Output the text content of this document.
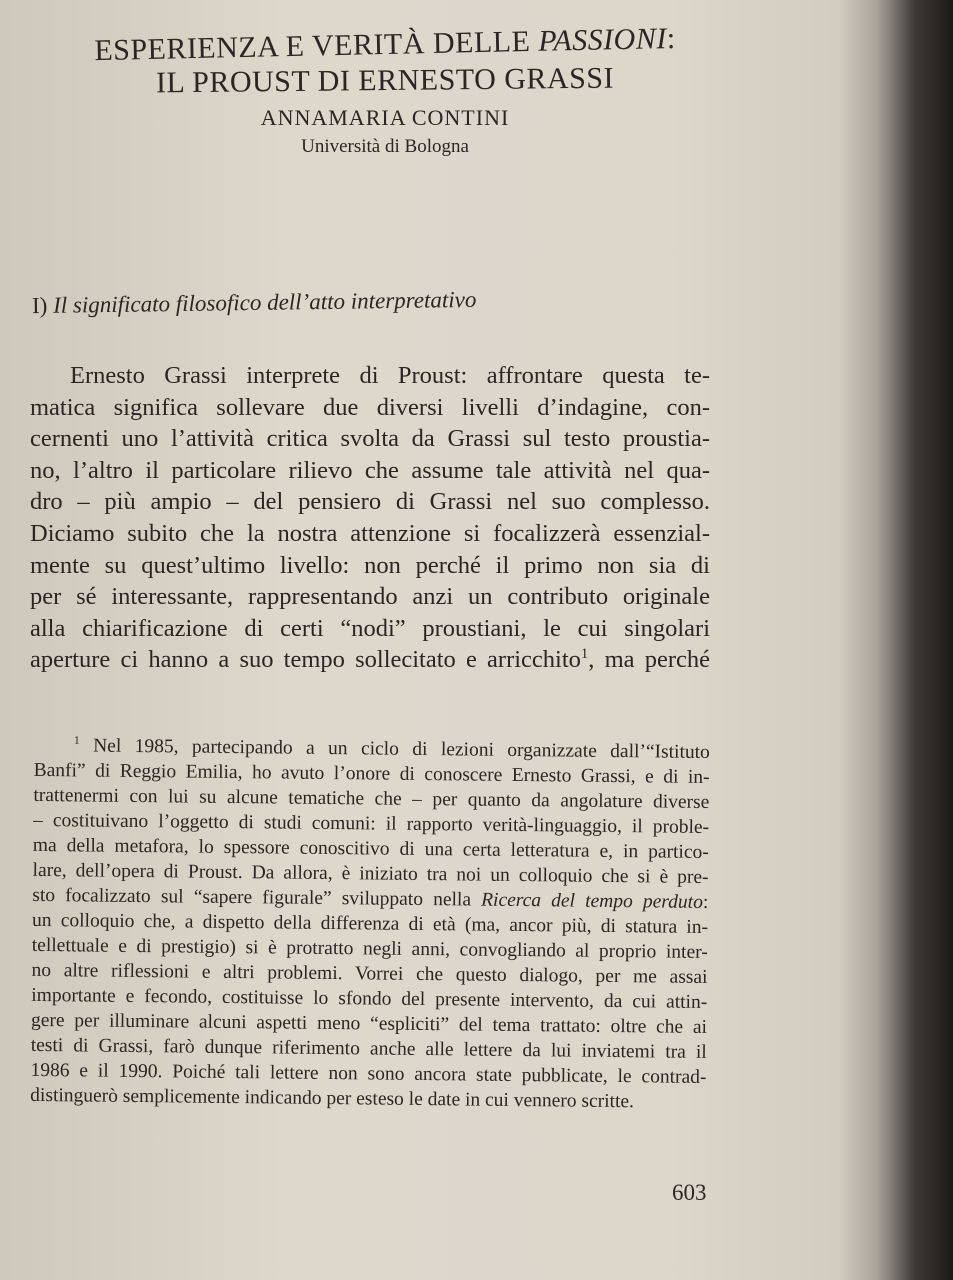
ESPERIENZA E VERITÀ DELLE PASSIONI:
IL PROUST DI ERNESTO GRASSI
ANNAMARIA CONTINI
Università di Bologna
I) Il significato filosofico dell’atto interpretativo
Ernesto Grassi interprete di Proust: affrontare questa te-
matica significa sollevare due diversi livelli d’indagine, con-
cernenti uno l’attività critica svolta da Grassi sul testo proustia-
no, l’altro il particolare rilievo che assume tale attività nel qua-
dro – più ampio – del pensiero di Grassi nel suo complesso.
Diciamo subito che la nostra attenzione si focalizzerà essenzial-
mente su quest’ultimo livello: non perché il primo non sia di
per sé interessante, rappresentando anzi un contributo originale
alla chiarificazione di certi “nodi” proustiani, le cui singolari
aperture ci hanno a suo tempo sollecitato e arricchito$^1$, ma perché
$^1$ Nel 1985, partecipando a un ciclo di lezioni organizzate dall’“Istituto
Banfi” di Reggio Emilia, ho avuto l’onore di conoscere Ernesto Grassi, e di in-
trattenermi con lui su alcune tematiche che – per quanto da angolature diverse
– costituivano l’oggetto di studi comuni: il rapporto verità-linguaggio, il proble-
ma della metafora, lo spessore conoscitivo di una certa letteratura e, in partico-
lare, dell’opera di Proust. Da allora, è iniziato tra noi un colloquio che si è pre-
sto focalizzato sul “sapere figurale” sviluppato nella Ricerca del tempo perduto:
un colloquio che, a dispetto della differenza di età (ma, ancor più, di statura in-
tellettuale e di prestigio) si è protratto negli anni, convogliando al proprio inter-
no altre riflessioni e altri problemi. Vorrei che questo dialogo, per me assai
importante e fecondo, costituisse lo sfondo del presente intervento, da cui attin-
gere per illuminare alcuni aspetti meno “espliciti” del tema trattato: oltre che ai
testi di Grassi, farò dunque riferimento anche alle lettere da lui inviatemi tra il
1986 e il 1990. Poiché tali lettere non sono ancora state pubblicate, le contrad-
distinguerò semplicemente indicando per esteso le date in cui vennero scritte.
603
